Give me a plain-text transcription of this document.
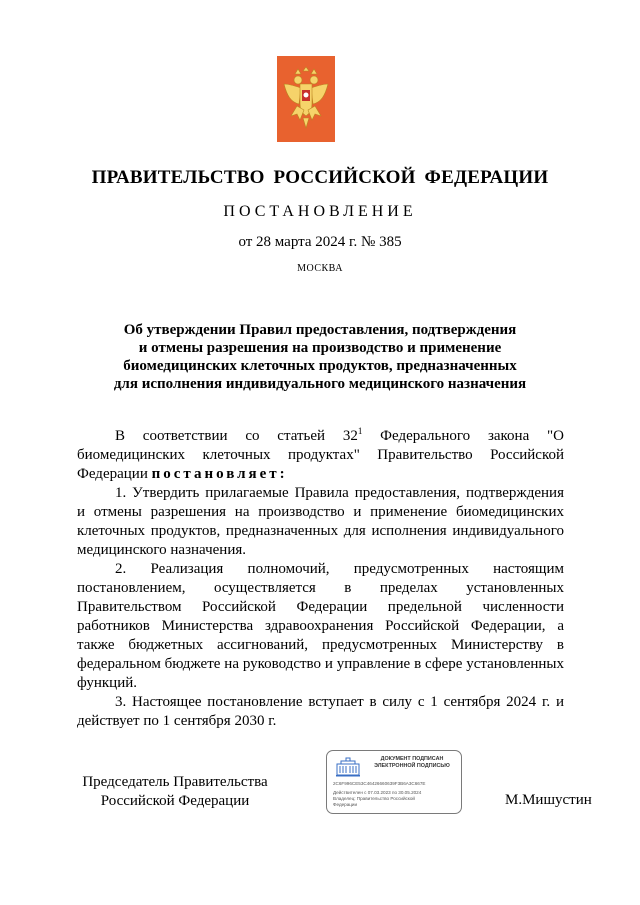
ПРАВИТЕЛЬСТВО РОССИЙСКОЙ ФЕДЕРАЦИИ
ПОСТАНОВЛЕНИЕ
от 28 марта 2024 г. № 385
МОСКВА
Об утверждении Правил предоставления, подтверждения
и отмены разрешения на производство и применение
биомедицинских клеточных продуктов, предназначенных
для исполнения индивидуального медицинского назначения

В соответствии со статьей $32^1$ Федерального закона "О биомедицинских клеточных продуктах" Правительство Российской Федерации постановляет:

1. Утвердить прилагаемые Правила предоставления, подтверждения и отмены разрешения на производство и применение биомедицинских клеточных продуктов, предназначенных для исполнения индивидуального медицинского назначения.

2. Реализация полномочий, предусмотренных настоящим постановлением, осуществляется в пределах установленных Правительством Российской Федерации предельной численности работников Министерства здравоохранения Российской Федерации, а также бюджетных ассигнований, предусмотренных Министерству в федеральном бюджете на руководство и управление в сфере установленных функций.

3. Настоящее постановление вступает в силу с 1 сентября 2024 г. и действует по 1 сентября 2030 г.

Председатель Правительства
Российской Федерации
ДОКУМЕНТ ПОДПИСАН
ЭЛЕКТРОННОЙ ПОДПИСЬЮ
2C6F996CE53C46426660639F3B6A3C667E
Действителен с 07.03.2023 по 30.05.2024
Владелец: Правительство Российской
Федерации	М.Мишустин
